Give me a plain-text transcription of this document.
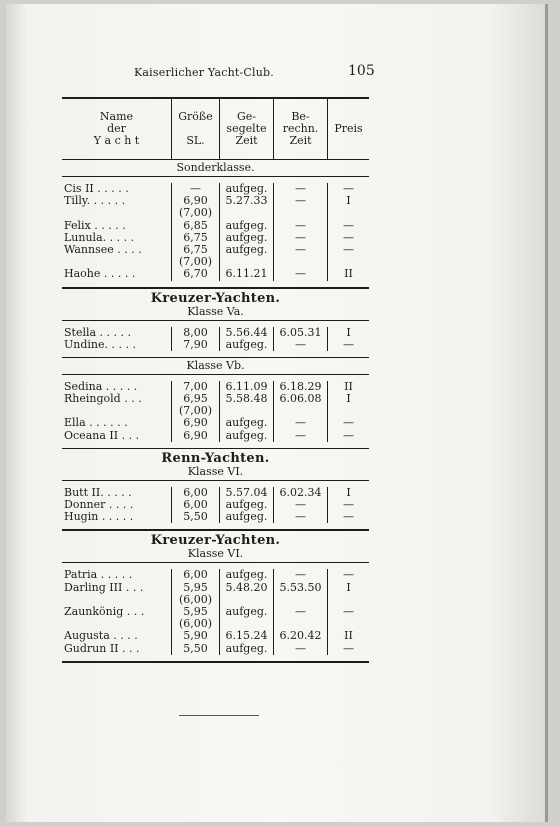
Kaiserlicher Yacht-Club.	105
Name
der
Y a c h t
Größe

SL.
Ge-
segelte
Zeit
Be-
rechn.
Zeit
Preis
Sonderklasse.
Cis II . . . . .
Tilly. . . . . .
Felix . . . . .
Lunula. . . . .
Wannsee . . . .
Haohe . . . . .
—
6,90
(7,00)
6,85
6,75
6,75
(7,00)
6,70
aufgeg.
5.27.33
aufgeg.
aufgeg.
aufgeg.
6.11.21
—
—
—
—
—
—
—
I
—
—
—
II
Kreuzer-Yachten.
Klasse Va.
Stella . . . . .
Undine. . . . .
8,00
7,90
5.56.44
aufgeg.
6.05.31
—
I
—
Klasse Vb.
Sedina . . . . .
Rheingold . . .
Ella . . . . . .
Oceana II . . .
7,00
6,95
(7,00)
6,90
6,90
6.11.09
5.58.48
aufgeg.
aufgeg.
6.18.29
6.06.08
—
—
II
I
—
—
Renn-Yachten.
Klasse VI.
Butt II. . . . .
Donner . . . .
Hugin . . . . .
6,00
6,00
5,50
5.57.04
aufgeg.
aufgeg.
6.02.34
—
—
I
—
—
Kreuzer-Yachten.
Klasse VI.
Patria . . . . .
Darling III . . .
Zaunkönig . . .
Augusta . . . .
Gudrun II . . .
6,00
5,95
(6,00)
5,95
(6,00)
5,90
5,50
aufgeg.
5.48.20
aufgeg.
6.15.24
aufgeg.
—
5.53.50
—
6.20.42
—
—
I
—
II
—
